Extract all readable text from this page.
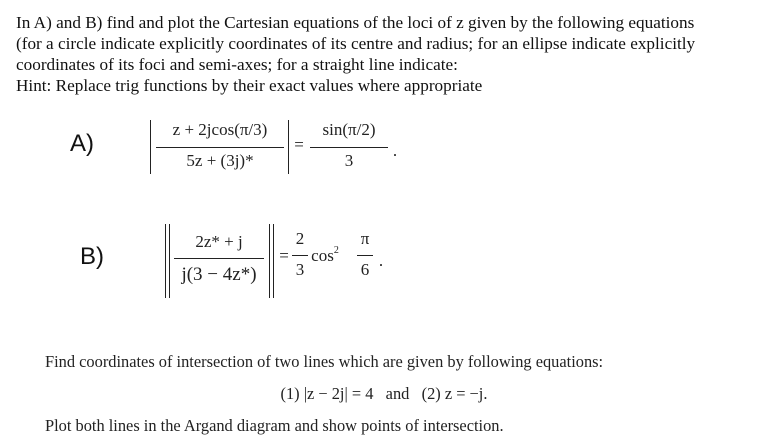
In A) and B) find and plot the Cartesian equations of the loci of z given by the following equations
(for a circle indicate explicitly coordinates of its centre and radius; for an ellipse indicate explicitly
coordinates of its foci and semi-axes; for a straight line indicate:
Hint: Replace trig functions by their exact values where appropriate
A)
z + 2jcos(π/3)
5z + (3j)*
=
sin(π/2)
3
.
B)
2z* + j
j(3 − 4z*)
=
2
3
$\cos^2$
π
6 .
Find coordinates of intersection of two lines which are given by following equations:
(1) |z − 2j| = 4   and   (2) z = −j.
Plot both lines in the Argand diagram and show points of intersection.
